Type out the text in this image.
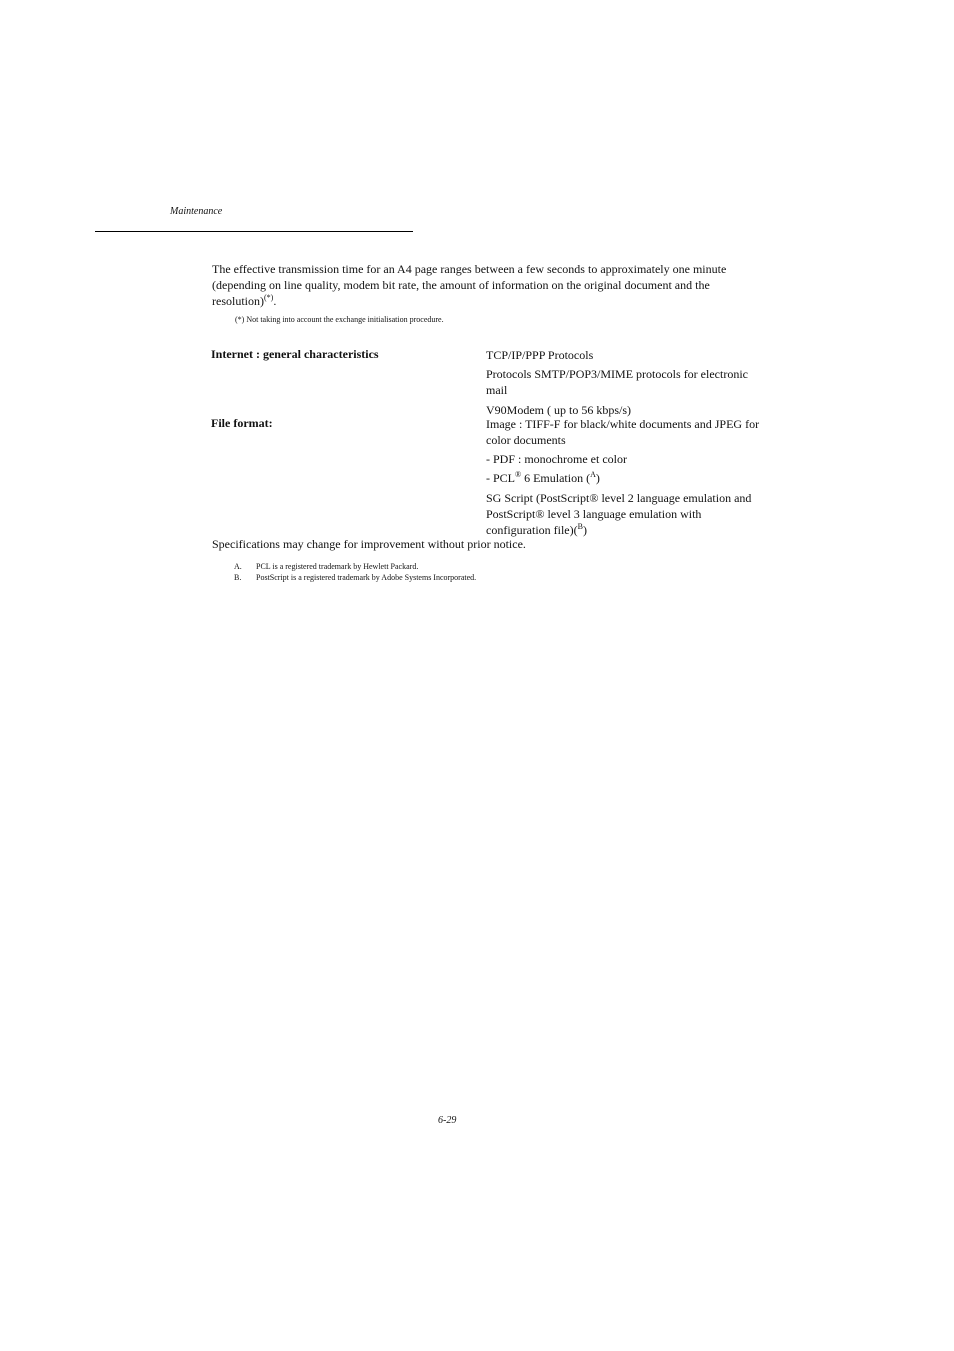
Maintenance
The effective transmission time for an A4 page ranges between a few seconds to approximately one minute (depending on line quality, modem bit rate, the amount of information on the original document and the resolution)(*).
(*) Not taking into account the exchange initialisation procedure.
Internet : general characteristics	TCP/IP/PPP Protocols
Protocols SMTP/POP3/MIME protocols for electronic mail
V90Modem ( up to 56 kbps/s)
File format:	Image : TIFF-F for black/white documents and JPEG for color documents
- PDF : monochrome et color
- PCL® 6 Emulation ($^A$)
SG Script (PostScript® level 2 language emulation and PostScript® level 3 language emulation with configuration file)($^B$)
Specifications may change for improvement without prior notice.
A. PCL is a registered trademark by Hewlett Packard.
B. PostScript is a registered trademark by Adobe Systems Incorporated.
6-29
